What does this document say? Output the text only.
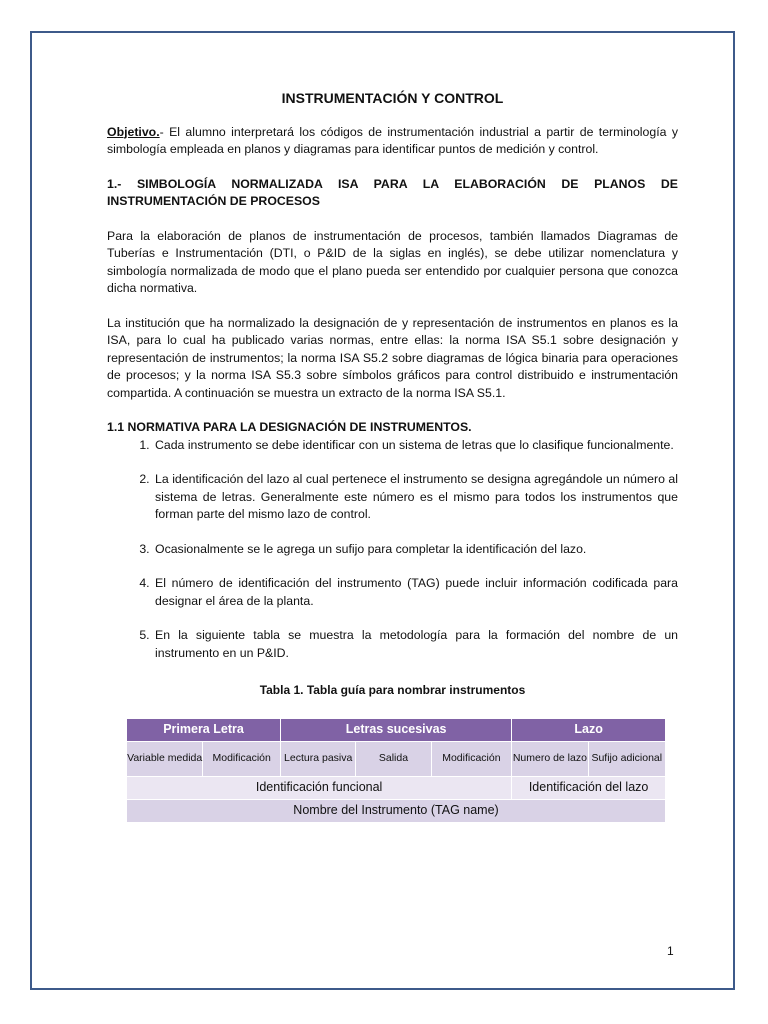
INSTRUMENTACIÓN Y CONTROL

Objetivo.- El alumno interpretará los códigos de instrumentación industrial a partir de terminología y simbología empleada en planos y diagramas para identificar puntos de medición y control.

1.- SIMBOLOGÍA NORMALIZADA ISA PARA LA ELABORACIÓN DE PLANOS DE INSTRUMENTACIÓN DE PROCESOS

Para la elaboración de planos de instrumentación de procesos, también llamados Diagramas de Tuberías e Instrumentación (DTI, o P&ID de la siglas en inglés), se debe utilizar nomenclatura y simbología normalizada de modo que el plano pueda ser entendido por cualquier persona que conozca dicha normativa.

La institución que ha normalizado la designación de y representación de instrumentos en planos es la ISA, para lo cual ha publicado varias normas, entre ellas: la norma ISA S5.1 sobre designación y representación de instrumentos; la norma ISA S5.2 sobre diagramas de lógica binaria para operaciones de procesos; y la norma ISA S5.3 sobre símbolos gráficos para control distribuido e instrumentación compartida. A continuación se muestra un extracto de la norma ISA S5.1.

1.1 NORMATIVA PARA LA DESIGNACIÓN DE INSTRUMENTOS.

1. Cada instrumento se debe identificar con un sistema de letras que lo clasifique funcionalmente.
2. La identificación del lazo al cual pertenece el instrumento se designa agregándole un número al sistema de letras. Generalmente este número es el mismo para todos los instrumentos que forman parte del mismo lazo de control.
3. Ocasionalmente se le agrega un sufijo para completar la identificación del lazo.
4. El número de identificación del instrumento (TAG) puede incluir información codificada para designar el área de la planta.
5. En la siguiente tabla se muestra la metodología para la formación del nombre de un instrumento en un P&ID.
Tabla 1. Tabla guía para nombrar instrumentos
Primera Letra		Letras sucesivas			Lazo	
Variable medida	Modificación	Lectura pasiva	Salida	Modificación	Numero de lazo	Sufijo adicional
Identificación funcional					Identificación del lazo	
Nombre del Instrumento (TAG name)						
1
